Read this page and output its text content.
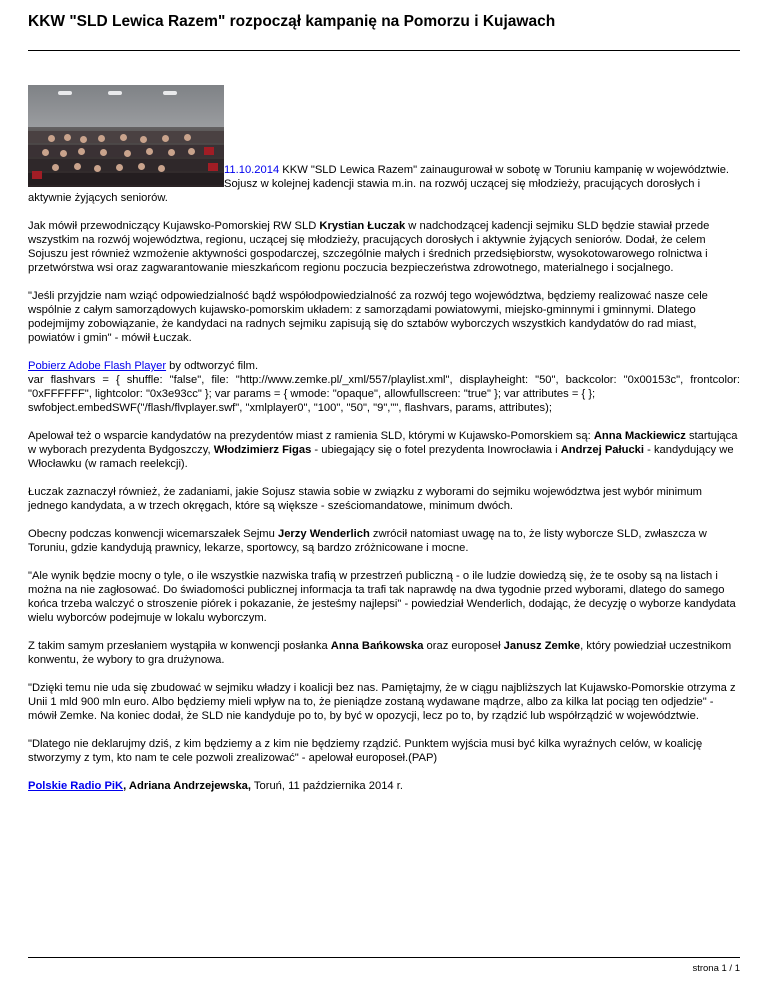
KKW "SLD Lewica Razem" rozpoczął kampanię na Pomorzu i Kujawach

11.10.2014 KKW "SLD Lewica Razem" zainaugurował w sobotę w Toruniu kampanię w województwie. Sojusz w kolejnej kadencji stawia m.in. na rozwój uczącej się młodzieży, pracujących dorosłych i aktywnie żyjących seniorów.

Jak mówił przewodniczący Kujawsko-Pomorskiej RW SLD Krystian Łuczak w nadchodzącej kadencji sejmiku SLD będzie stawiał przede wszystkim na rozwój województwa, regionu, uczącej się młodzieży, pracujących dorosłych i aktywnie żyjących seniorów. Dodał, że celem Sojuszu jest również wzmożenie aktywności gospodarczej, szczególnie małych i średnich przedsiębiorstw, wysokotowarowego rolnictwa i przetwórstwa wsi oraz zagwarantowanie mieszkańcom regionu poczucia bezpieczeństwa zdrowotnego, materialnego i socjalnego.

"Jeśli przyjdzie nam wziąć odpowiedzialność bądź współodpowiedzialność za rozwój tego województwa, będziemy realizować nasze cele wspólnie z całym samorządowych kujawsko-pomorskim układem: z samorządami powiatowymi, miejsko-gminnymi i gminnymi. Dlatego podejmijmy zobowiązanie, że kandydaci na radnych sejmiku zapisują się do sztabów wyborczych wszystkich kandydatów do rad miast, powiatów i gmin" - mówił Łuczak.

Pobierz Adobe Flash Player by odtworzyć film.
var flashvars = { shuffle: "false", file: "http://www.zemke.pl/_xml/557/playlist.xml", displayheight: "50", backcolor: "0x00153c", frontcolor: "0xFFFFFF", lightcolor: "0x3e93cc" }; var params = { wmode: "opaque", allowfullscreen: "true" }; var attributes = { };
swfobject.embedSWF("/flash/flvplayer.swf", "xmlplayer0", "100", "50", "9","", flashvars, params, attributes);

Apelował też o wsparcie kandydatów na prezydentów miast z ramienia SLD, którymi w Kujawsko-Pomorskiem są: Anna Mackiewicz startująca w wyborach prezydenta Bydgoszczy, Włodzimierz Figas - ubiegający się o fotel prezydenta Inowrocławia i Andrzej Pałucki - kandydujący we Włocławku (w ramach reelekcji).

Łuczak zaznaczył również, że zadaniami, jakie Sojusz stawia sobie w związku z wyborami do sejmiku województwa jest wybór minimum jednego kandydata, a w trzech okręgach, które są większe - sześciomandatowe, minimum dwóch.

Obecny podczas konwencji wicemarszałek Sejmu Jerzy Wenderlich zwrócił natomiast uwagę na to, że listy wyborcze SLD, zwłaszcza w Toruniu, gdzie kandydują prawnicy, lekarze, sportowcy, są bardzo zróżnicowane i mocne.

"Ale wynik będzie mocny o tyle, o ile wszystkie nazwiska trafią w przestrzeń publiczną - o ile ludzie dowiedzą się, że te osoby są na listach i można na nie zagłosować. Do świadomości publicznej informacja ta trafi tak naprawdę na dwa tygodnie przed wyborami, dlatego do samego końca trzeba walczyć o stroszenie piórek i pokazanie, że jesteśmy najlepsi" - powiedział Wenderlich, dodając, że decyzję o wyborze kandydata wielu wyborców podejmuje w lokalu wyborczym.

Z takim samym przesłaniem wystąpiła w konwencji posłanka Anna Bańkowska oraz europoseł Janusz Zemke, który powiedział uczestnikom konwentu, że wybory to gra drużynowa.

"Dzięki temu nie uda się zbudować w sejmiku władzy i koalicji bez nas. Pamiętajmy, że w ciągu najbliższych lat Kujawsko-Pomorskie otrzyma z Unii 1 mld 900 mln euro. Albo będziemy mieli wpływ na to, że pieniądze zostaną wydawane mądrze, albo za kilka lat pociąg ten odjedzie" - mówił Zemke. Na koniec dodał, że SLD nie kandyduje po to, by być w opozycji, lecz po to, by rządzić lub współrządzić w województwie.

"Dlatego nie deklarujmy dziś, z kim będziemy a z kim nie będziemy rządzić. Punktem wyjścia musi być kilka wyraźnych celów, w koalicję stworzymy z tym, kto nam te cele pozwoli zrealizować" - apelował europoseł.(PAP)

Polskie Radio PiK, Adriana Andrzejewska, Toruń, 11 października 2014 r.

strona 1 / 1
